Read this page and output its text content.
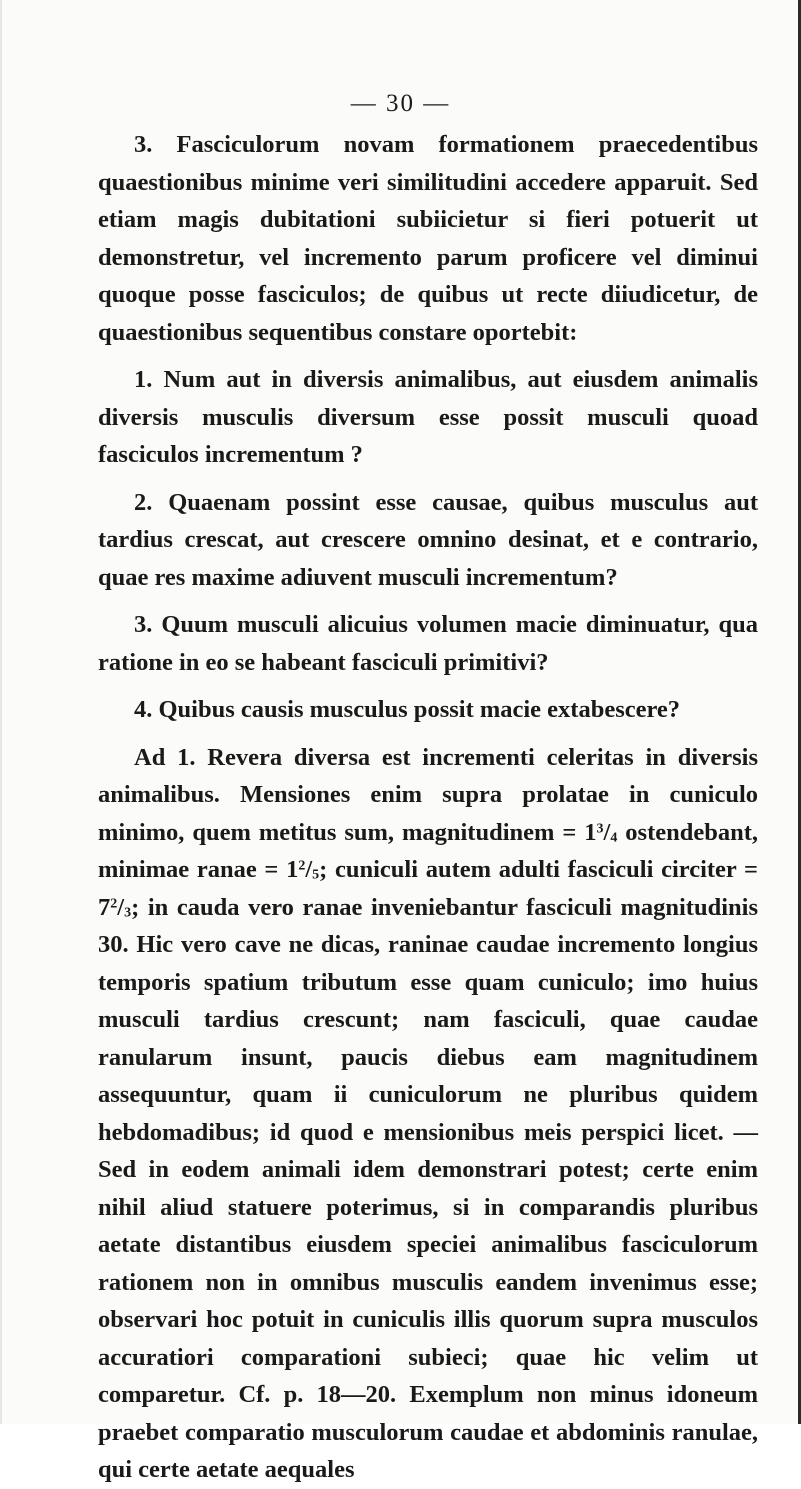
— 30 —

3. Fasciculorum novam formationem praecedentibus quaestionibus minime veri similitudini accedere apparuit. Sed etiam magis dubitationi subiicietur si fieri potuerit ut demonstretur, vel incremento parum proficere vel diminui quoque posse fasciculos; de quibus ut recte diiudicetur, de quaestionibus sequentibus constare oportebit:

1. Num aut in diversis animalibus, aut eiusdem animalis diversis musculis diversum esse possit musculi quoad fasciculos incrementum ?

2. Quaenam possint esse causae, quibus musculus aut tardius crescat, aut crescere omnino desinat, et e contrario, quae res maxime adiuvent musculi incrementum?

3. Quum musculi alicuius volumen macie diminuatur, qua ratione in eo se habeant fasciculi primitivi?

4. Quibus causis musculus possit macie extabescere?

Ad 1. Revera diversa est incrementi celeritas in diversis animalibus. Mensiones enim supra prolatae in cuniculo minimo, quem metitus sum, magnitudinem = $1^3/_4$ ostendebant, minimae ranae = $1^2/_5$; cuniculi autem adulti fasciculi circiter = $7^2/_3$; in cauda vero ranae inveniebantur fasciculi magnitudinis 30. Hic vero cave ne dicas, raninae caudae incremento longius temporis spatium tributum esse quam cuniculo; imo huius musculi tardius crescunt; nam fasciculi, quae caudae ranularum insunt, paucis diebus eam magnitudinem assequuntur, quam ii cuniculorum ne pluribus quidem hebdomadibus; id quod e mensionibus meis perspici licet. — Sed in eodem animali idem demonstrari potest; certe enim nihil aliud statuere poterimus, si in comparandis pluribus aetate distantibus eiusdem speciei animalibus fasciculorum rationem non in omnibus musculis eandem invenimus esse; observari hoc potuit in cuniculis illis quorum supra musculos accuratiori comparationi subieci; quae hic velim ut comparetur. Cf. p. 18—20. Exemplum non minus idoneum praebet comparatio musculorum caudae et abdominis ranulae, qui certe aetate aequales
